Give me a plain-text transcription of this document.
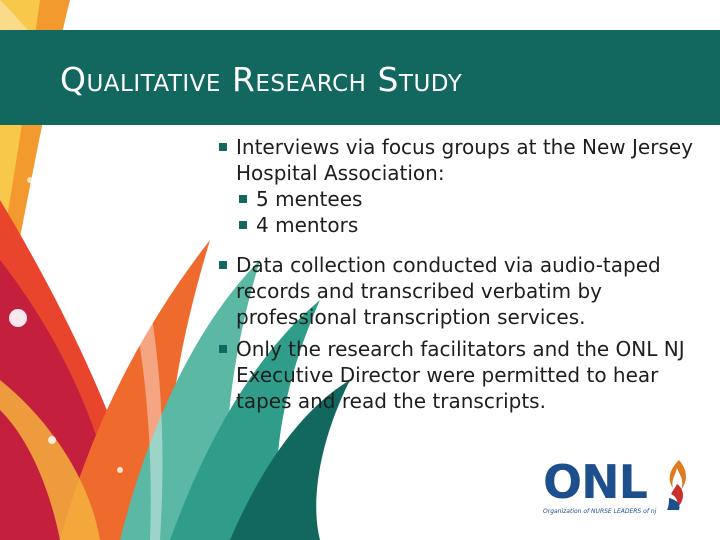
Qualitative Research Study

Interviews via focus groups at the New Jersey Hospital Association:

5 mentees

4 mentors

Data collection conducted via audio-taped records and transcribed verbatim by professional transcription services.

Only the research facilitators and the ONL NJ Executive Director were permitted to hear tapes and read the transcripts.

ONL
Organization of NURSE LEADERS of nj
